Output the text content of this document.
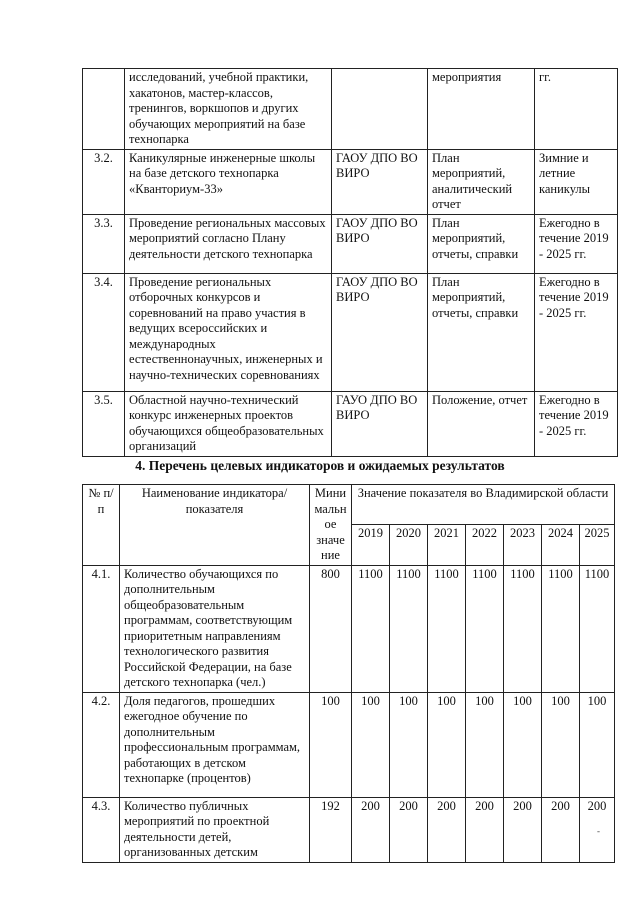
	исследований, учебной практики, хакатонов, мастер-классов, тренингов, воркшопов и других обучающих мероприятий на базе технопарка		мероприятия	гг.
3.2.	Каникулярные инженерные школы на базе детского технопарка «Кванториум-33»	ГАОУ ДПО ВО ВИРО	План мероприятий, аналитический отчет	Зимние и летние каникулы
3.3.	Проведение региональных массовых мероприятий согласно Плану деятельности детского технопарка	ГАОУ ДПО ВО ВИРО	План мероприятий, отчеты, справки	Ежегодно в течение 2019 - 2025 гг.
3.4.	Проведение региональных отборочных конкурсов и соревнований на право участия в ведущих всероссийских и международных естественнонаучных, инженерных и научно-технических соревнованиях	ГАОУ ДПО ВО ВИРО	План мероприятий, отчеты, справки	Ежегодно в течение 2019 - 2025 гг.
3.5.	Областной научно-технический конкурс инженерных проектов обучающихся общеобразовательных организаций	ГАУО ДПО ВО ВИРО	Положение, отчет	Ежегодно в течение 2019 - 2025 гг.
4. Перечень целевых индикаторов и ожидаемых результатов
№ п/п	Наименование индикатора/показателя	Мини мальн ое значе ние	Значение показателя во Владимирской области						
			2019	2020	2021	2022	2023	2024	2025
4.1.	Количество обучающихся по дополнительным общеобразовательным программам, соответствующим приоритетным направлениям технологического развития Российской Федерации, на базе детского технопарка (чел.)	800	1100	1100	1100	1100	1100	1100	1100
4.2.	Доля педагогов, прошедших ежегодное обучение по дополнительным профессиональным программам, работающих в детском технопарке (процентов)	100	100	100	100	100	100	100	100
4.3.	Количество публичных мероприятий по проектной деятельности детей, организованных детским	192	200	200	200	200	200	200	200
-
